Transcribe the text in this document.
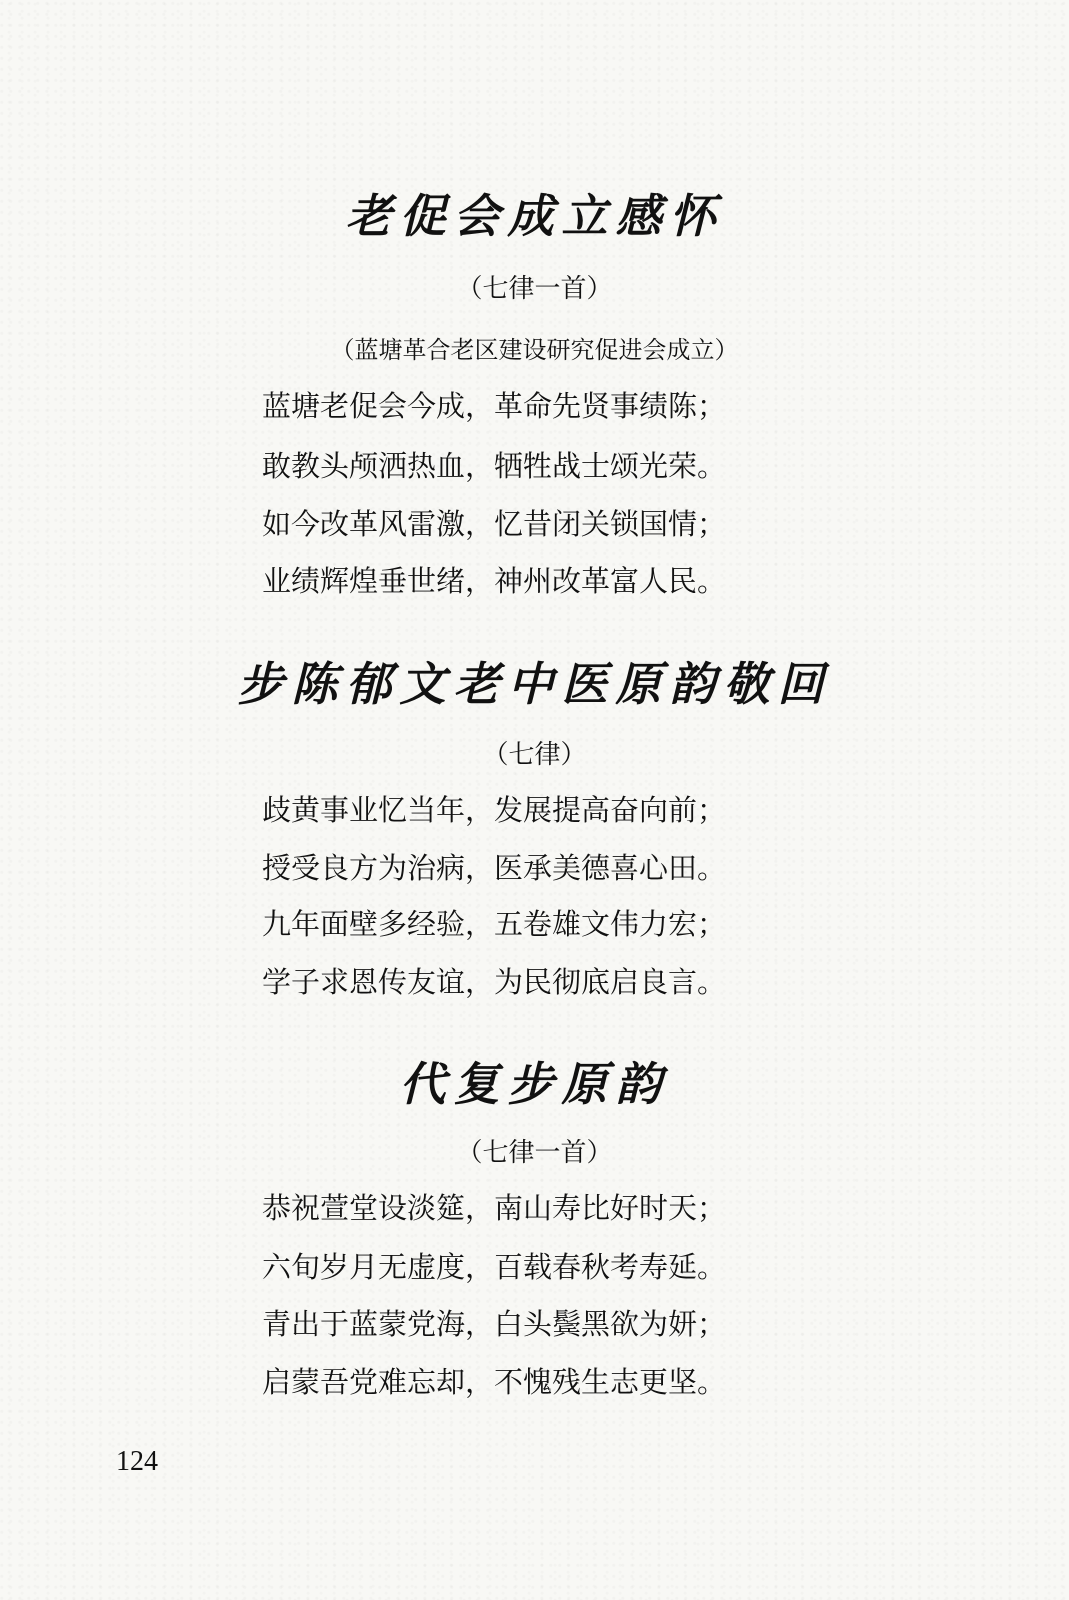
老促会成立感怀
（七律一首）
（蓝塘革合老区建设研究促进会成立）
蓝塘老促会今成，革命先贤事绩陈；
敢教头颅洒热血，牺牲战士颂光荣。
如今改革风雷激，忆昔闭关锁国情；
业绩辉煌垂世绪，神州改革富人民。
步陈郁文老中医原韵敬回
（七律）
歧黄事业忆当年，发展提高奋向前；
授受良方为治病，医承美德喜心田。
九年面壁多经验，五卷雄文伟力宏；
学子求恩传友谊，为民彻底启良言。
代复步原韵
（七律一首）
恭祝萱堂设淡筵，南山寿比好时天；
六旬岁月无虚度，百载春秋考寿延。
青出于蓝蒙党海，白头鬓黑欲为妍；
启蒙吾党难忘却，不愧残生志更坚。
124
